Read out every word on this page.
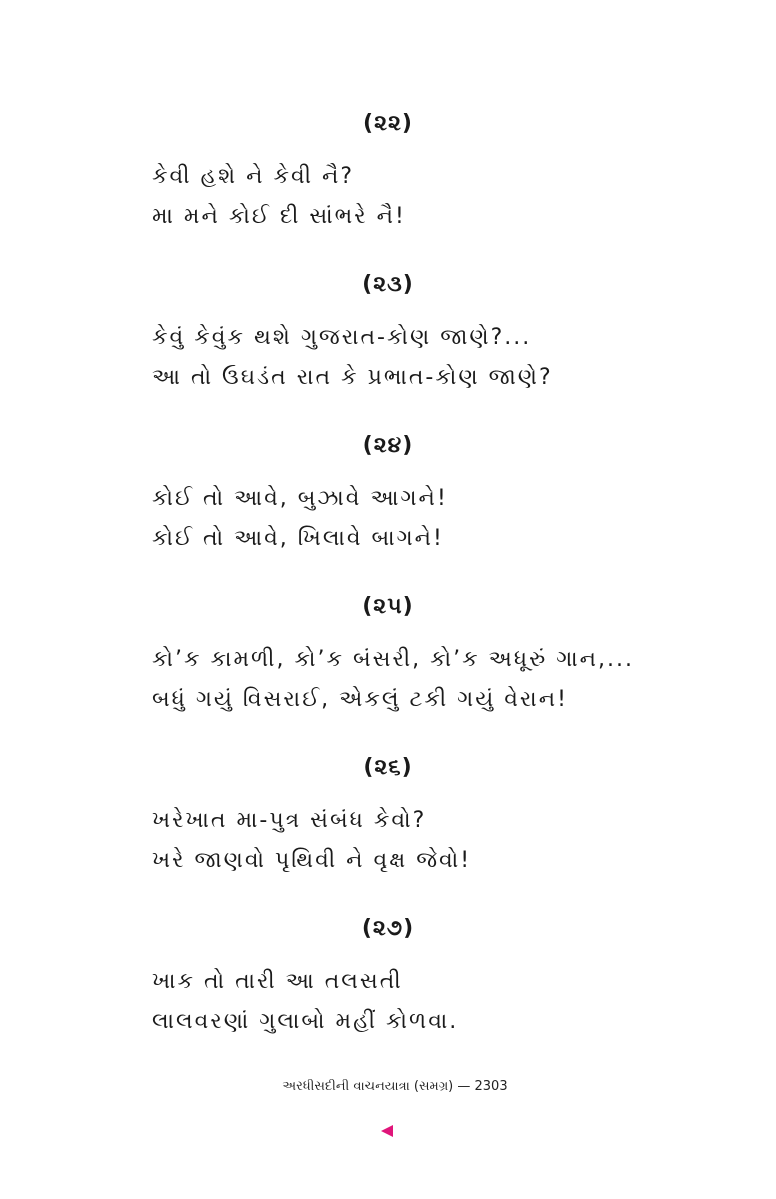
(૨૨)
કેવી હશે ને કેવી નૈ?
મા મને કોઈ દી સાંભરે નૈ!
(૨૩)
કેવું કેવુંક થશે ગુજરાત-કોણ જાણે?...
આ તો ઉઘડંત રાત કે પ્રભાત-કોણ જાણે?
(૨૪)
કોઈ તો આવે, બુઝાવે આગને!
કોઈ તો આવે, ખિલાવે બાગને!
(૨૫)
કો’ક કામળી, કો’ક બંસરી, કો’ક અધૂરું ગાન,...
બધું ગયું વિસરાઈ, એકલું ટકી ગયું વેરાન!
(૨૬)
ખરેખાત મા-પુત્ર સંબંધ કેવો?
ખરે જાણવો પૃથિવી ને વૃક્ષ જેવો!
(૨૭)
ખાક તો તારી આ તલસતી
લાલવરણાં ગુલાબો મહીં કોળવા.
અરધીસદીની વાચનયાત્રા (સમગ્ર) — 2303
